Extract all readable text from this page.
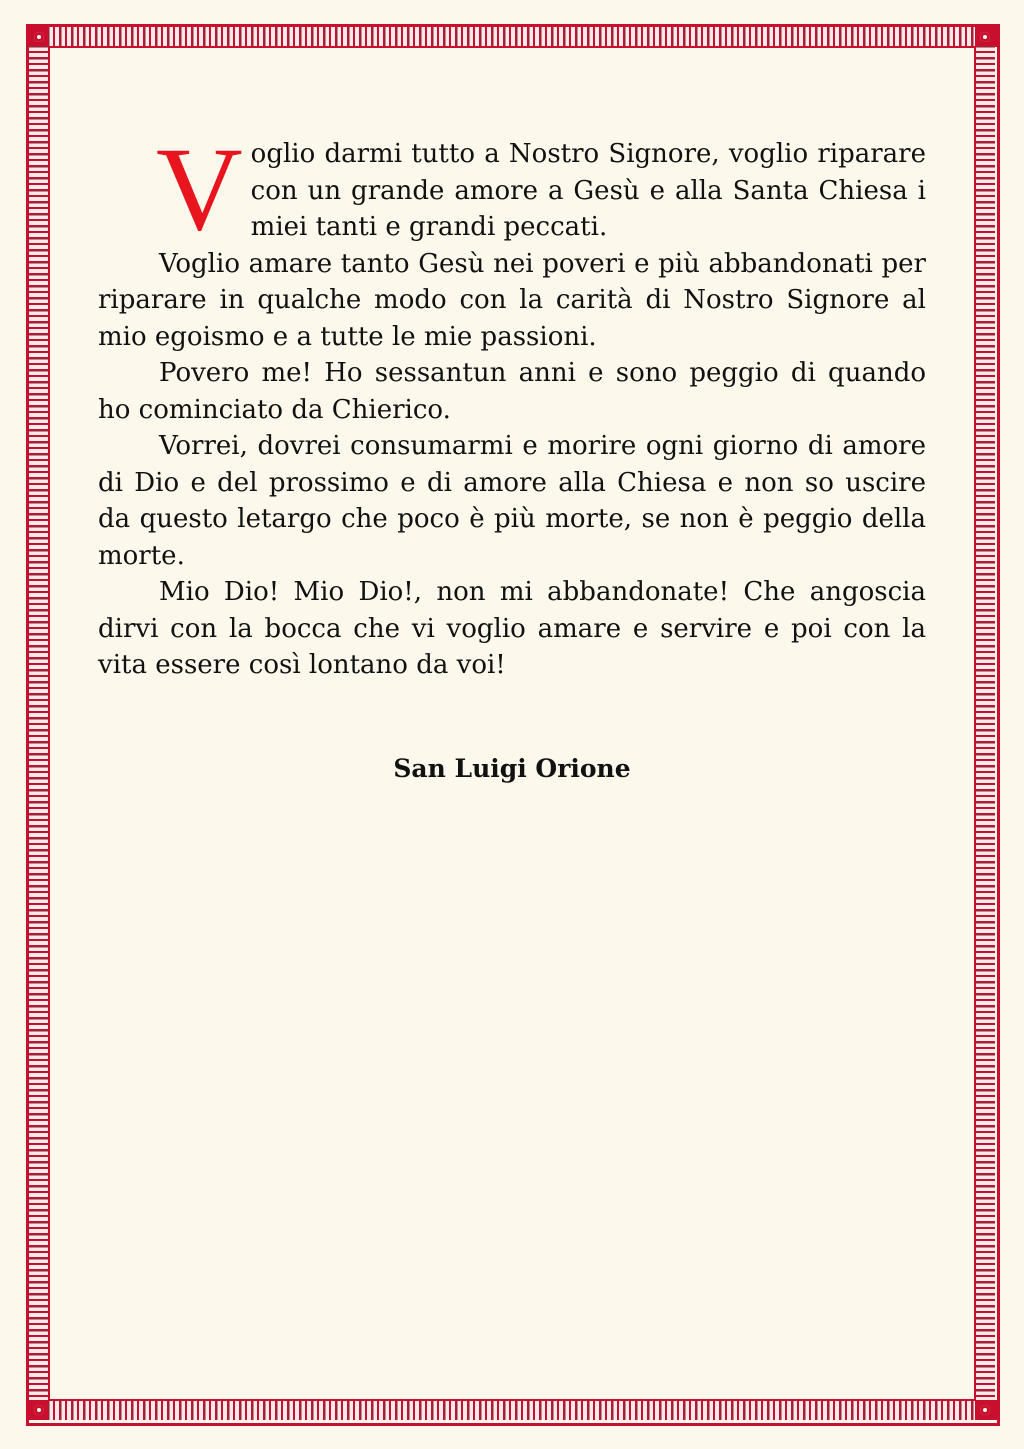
Voglio darmi tutto a Nostro Signore, voglio riparare con un grande amore a Gesù e alla Santa Chiesa i miei tanti e grandi peccati.

Voglio amare tanto Gesù nei poveri e più abbandonati per riparare in qualche modo con la carità di Nostro Signore al mio egoismo e a tutte le mie passioni.

Povero me! Ho sessantun anni e sono peggio di quando ho cominciato da Chierico.

Vorrei, dovrei consumarmi e morire ogni giorno di amore di Dio e del prossimo e di amore alla Chiesa e non so uscire da questo letargo che poco è più morte, se non è peggio della morte.

Mio Dio! Mio Dio!, non mi abbandonate! Che angoscia dirvi con la bocca che vi voglio amare e servire e poi con la vita essere così lontano da voi!

San Luigi Orione
